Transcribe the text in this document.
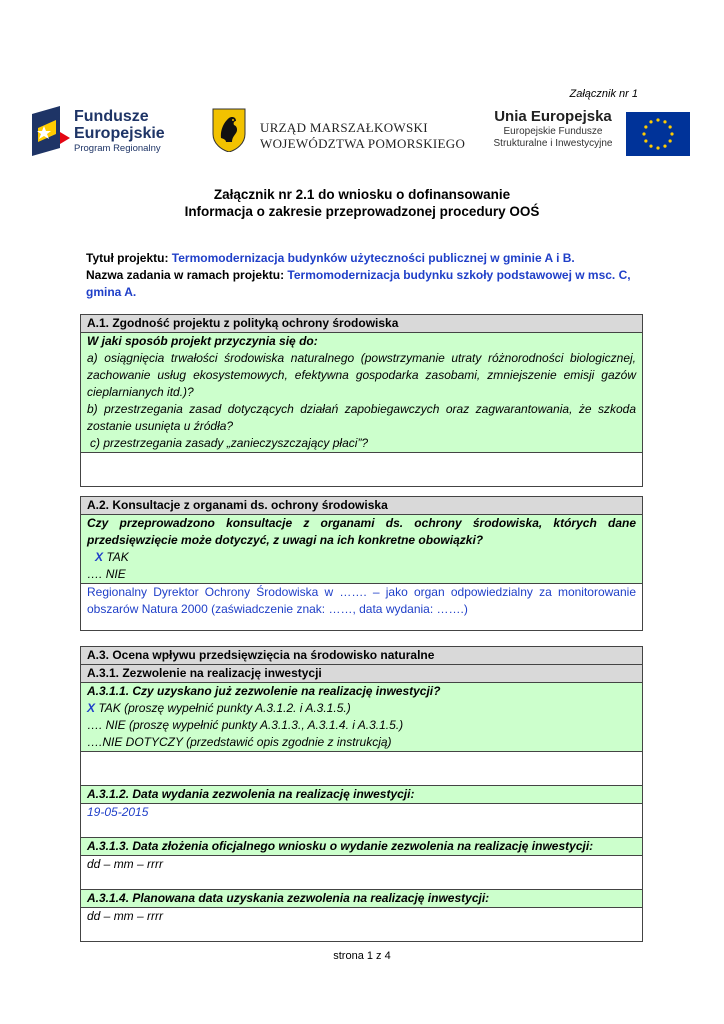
Załącznik nr 1
Fundusze
Europejskie
Program Regionalny
URZĄD MARSZAŁKOWSKI
WOJEWÓDZTWA POMORSKIEGO
Unia Europejska
Europejskie Fundusze
Strukturalne i Inwestycyjne
Załącznik nr 2.1 do wniosku o dofinansowanie
Informacja o zakresie przeprowadzonej procedury OOŚ
Tytuł projektu: Termomodernizacja budynków użyteczności publicznej w gminie A i B.
Nazwa zadania w ramach projektu: Termomodernizacja budynku szkoły podstawowej w msc. C, gmina A.
A.1. Zgodność projektu z polityką ochrony środowiska
W jaki sposób projekt przyczynia się do:
a) osiągnięcia trwałości środowiska naturalnego (powstrzymanie utraty różnorodności biologicznej, zachowanie usług ekosystemowych, efektywna gospodarka zasobami, zmniejszenie emisji gazów cieplarnianych itd.)?
b) przestrzegania zasad dotyczących działań zapobiegawczych oraz zagwarantowania, że szkoda zostanie usunięta u źródła?
c) przestrzegania zasady „zanieczyszczający płaci”?
A.2. Konsultacje z organami ds. ochrony środowiska
Czy przeprowadzono konsultacje z organami ds. ochrony środowiska, których dane przedsięwzięcie może dotyczyć, z uwagi na ich konkretne obowiązki?
X TAK
…. NIE
Regionalny Dyrektor Ochrony Środowiska w ……. – jako organ odpowiedzialny za monitorowanie obszarów Natura 2000 (zaświadczenie znak: ……, data wydania: …….)
A.3. Ocena wpływu przedsięwzięcia na środowisko naturalne
A.3.1. Zezwolenie na realizację inwestycji
A.3.1.1. Czy uzyskano już zezwolenie na realizację inwestycji?
X TAK (proszę wypełnić punkty A.3.1.2. i A.3.1.5.)
…. NIE (proszę wypełnić punkty A.3.1.3., A.3.1.4. i A.3.1.5.)
….NIE DOTYCZY (przedstawić opis zgodnie z instrukcją)
A.3.1.2. Data wydania zezwolenia na realizację inwestycji:
19-05-2015
A.3.1.3. Data złożenia oficjalnego wniosku o wydanie zezwolenia na realizację inwestycji:
dd – mm – rrrr
A.3.1.4. Planowana data uzyskania zezwolenia na realizację inwestycji:
dd – mm – rrrr
strona 1 z 4
